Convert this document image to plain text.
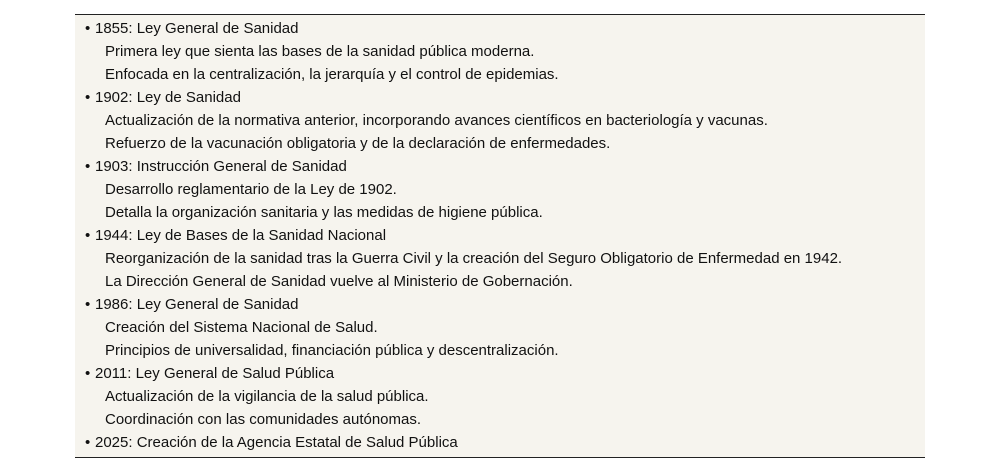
• 1855: Ley General de Sanidad
Primera ley que sienta las bases de la sanidad pública moderna.
Enfocada en la centralización, la jerarquía y el control de epidemias.
• 1902: Ley de Sanidad
Actualización de la normativa anterior, incorporando avances científicos en bacteriología y vacunas.
Refuerzo de la vacunación obligatoria y de la declaración de enfermedades.
• 1903: Instrucción General de Sanidad
Desarrollo reglamentario de la Ley de 1902.
Detalla la organización sanitaria y las medidas de higiene pública.
• 1944: Ley de Bases de la Sanidad Nacional
Reorganización de la sanidad tras la Guerra Civil y la creación del Seguro Obligatorio de Enfermedad en 1942.
La Dirección General de Sanidad vuelve al Ministerio de Gobernación.
• 1986: Ley General de Sanidad
Creación del Sistema Nacional de Salud.
Principios de universalidad, financiación pública y descentralización.
• 2011: Ley General de Salud Pública
Actualización de la vigilancia de la salud pública.
Coordinación con las comunidades autónomas.
• 2025: Creación de la Agencia Estatal de Salud Pública
